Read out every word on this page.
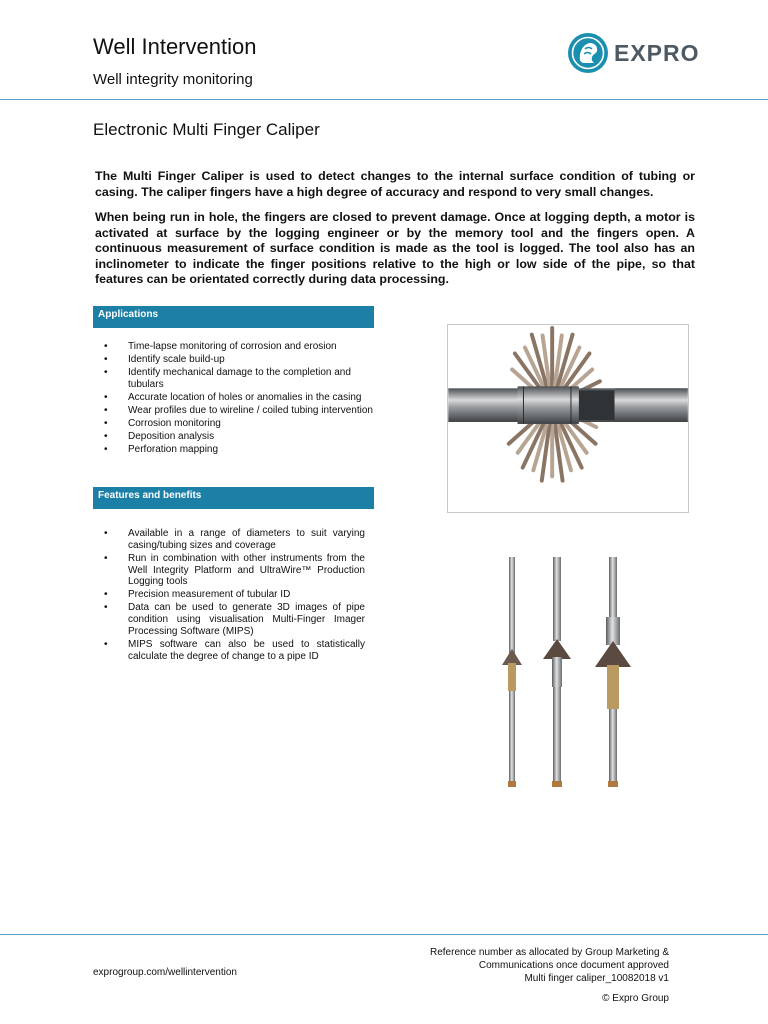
Well Intervention
Well integrity monitoring
EXPRO
Electronic Multi Finger Caliper
The Multi Finger Caliper is used to detect changes to the internal surface condition of tubing or casing. The caliper fingers have a high degree of accuracy and respond to very small changes.
When being run in hole, the fingers are closed to prevent damage. Once at logging depth, a motor is activated at surface by the logging engineer or by the memory tool and the fingers open. A continuous measurement of surface condition is made as the tool is logged. The tool also has an inclinometer to indicate the finger positions relative to the high or low side of the pipe, so that features can be orientated correctly during data processing.
Applications
• Time-lapse monitoring of corrosion and erosion
• Identify scale build-up
• Identify mechanical damage to the completion and tubulars
• Accurate location of holes or anomalies in the casing
• Wear profiles due to wireline / coiled tubing intervention
• Corrosion monitoring
• Deposition analysis
• Perforation mapping
Features and benefits
• Available in a range of diameters to suit varying casing/tubing sizes and coverage
• Run in combination with other instruments from the Well Integrity Platform and UltraWire™ Production Logging tools
• Precision measurement of tubular ID
• Data can be used to generate 3D images of pipe condition using visualisation Multi-Finger Imager Processing Software (MIPS)
• MIPS software can also be used to statistically calculate the degree of change to a pipe ID
exprogroup.com/wellintervention
Reference number as allocated by Group Marketing &
Communications once document approved
Multi finger caliper_10082018 v1
© Expro Group
